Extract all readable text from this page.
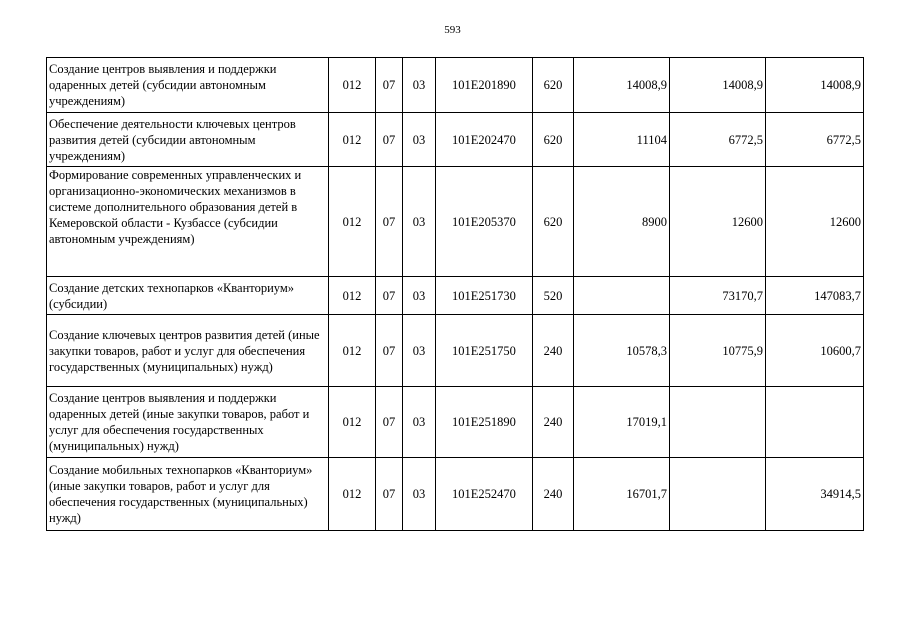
593
Создание центров выявления и поддержки одаренных детей (субсидии автономным учреждениям)	012	07	03	101E201890	620	14008,9	14008,9	14008,9
Обеспечение деятельности ключевых центров развития детей (субсидии автономным учреждениям)	012	07	03	101E202470	620	11104	6772,5	6772,5
Формирование современных управленческих и организационно-экономических механизмов в системе дополнительного образования детей в Кемеровской области - Кузбассе (субсидии автономным учреждениям)	012	07	03	101E205370	620	8900	12600	12600
Создание детских технопарков «Кванториум» (субсидии)	012	07	03	101E251730	520		73170,7	147083,7
Создание ключевых центров развития детей (иные закупки товаров, работ и услуг для обеспечения государственных (муниципальных) нужд)	012	07	03	101E251750	240	10578,3	10775,9	10600,7
Создание центров выявления и поддержки одаренных детей (иные закупки товаров, работ и услуг для обеспечения государственных (муниципальных) нужд)	012	07	03	101E251890	240	17019,1		
Создание мобильных технопарков «Кванториум» (иные закупки товаров, работ и услуг для обеспечения государственных (муниципальных) нужд)	012	07	03	101E252470	240	16701,7		34914,5
